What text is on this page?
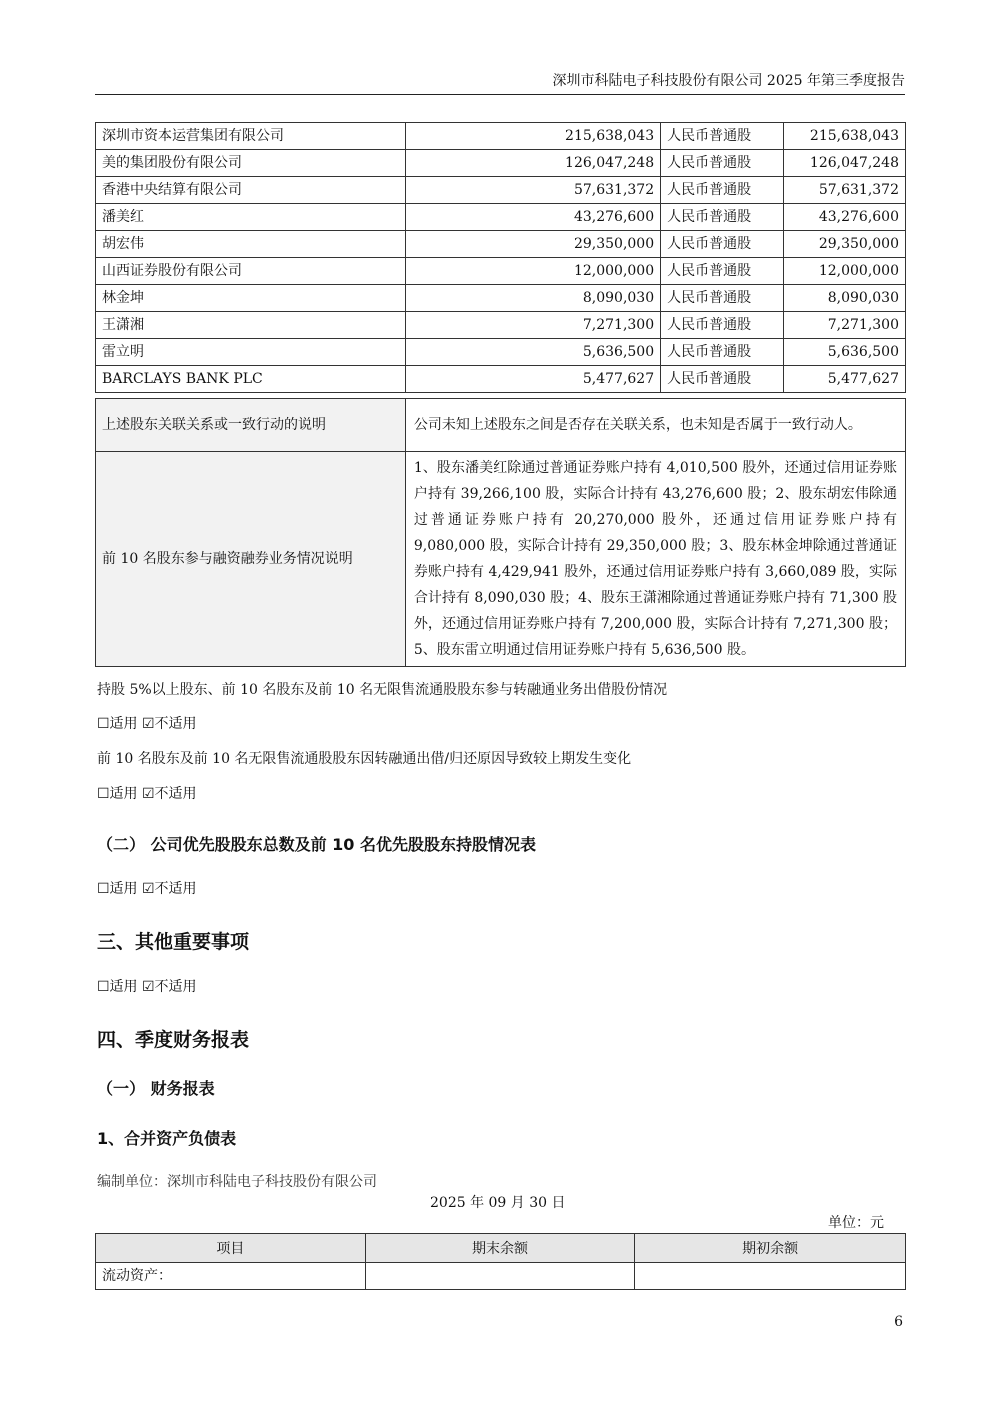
深圳市科陆电子科技股份有限公司 2025 年第三季度报告
深圳市资本运营集团有限公司	215,638,043	人民币普通股	215,638,043
美的集团股份有限公司	126,047,248	人民币普通股	126,047,248
香港中央结算有限公司	57,631,372	人民币普通股	57,631,372
潘美红	43,276,600	人民币普通股	43,276,600
胡宏伟	29,350,000	人民币普通股	29,350,000
山西证券股份有限公司	12,000,000	人民币普通股	12,000,000
林金坤	8,090,030	人民币普通股	8,090,030
王潇湘	7,271,300	人民币普通股	7,271,300
雷立明	5,636,500	人民币普通股	5,636,500
BARCLAYS BANK PLC	5,477,627	人民币普通股	5,477,627
上述股东关联关系或一致行动的说明	公司未知上述股东之间是否存在关联关系，也未知是否属于一致行动人。
前 10 名股东参与融资融券业务情况说明	1、股东潘美红除通过普通证券账户持有 4,010,500 股外，还通过信用证券账户持有 39,266,100 股，实际合计持有 43,276,600 股；2、股东胡宏伟除通过普通证券账户持有 20,270,000 股外，还通过信用证券账户持有 9,080,000 股，实际合计持有 29,350,000 股；3、股东林金坤除通过普通证券账户持有 4,429,941 股外，还通过信用证券账户持有 3,660,089 股，实际合计持有 8,090,030 股；4、股东王潇湘除通过普通证券账户持有 71,300 股外，还通过信用证券账户持有 7,200,000 股，实际合计持有 7,271,300 股；5、股东雷立明通过信用证券账户持有 5,636,500 股。
持股 5%以上股东、前 10 名股东及前 10 名无限售流通股股东参与转融通业务出借股份情况
☐适用 ☑不适用
前 10 名股东及前 10 名无限售流通股股东因转融通出借/归还原因导致较上期发生变化
☐适用 ☑不适用
（二） 公司优先股股东总数及前 10 名优先股股东持股情况表
☐适用 ☑不适用
三、其他重要事项
☐适用 ☑不适用
四、季度财务报表
（一） 财务报表
1、合并资产负债表
编制单位：深圳市科陆电子科技股份有限公司
2025 年 09 月 30 日
单位：元
项目	期末余额	期初余额
流动资产：		
6
